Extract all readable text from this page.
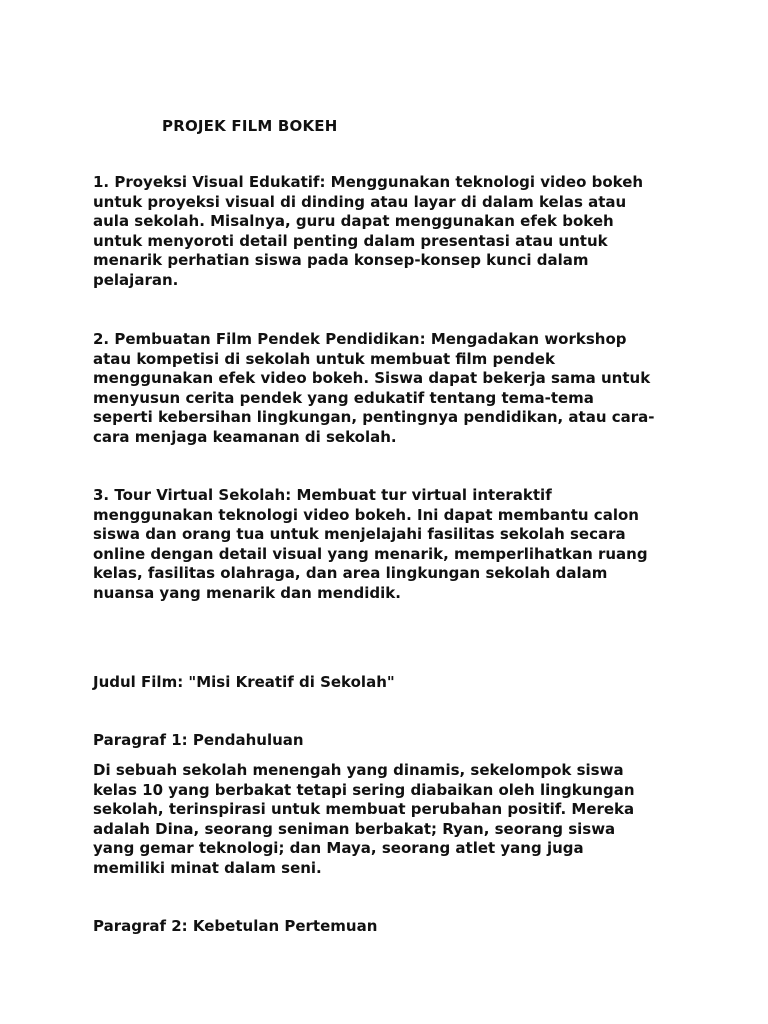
PROJEK FILM BOKEH
1. Proyeksi Visual Edukatif: Menggunakan teknologi video bokeh
untuk proyeksi visual di dinding atau layar di dalam kelas atau
aula sekolah. Misalnya, guru dapat menggunakan efek bokeh
untuk menyoroti detail penting dalam presentasi atau untuk
menarik perhatian siswa pada konsep-konsep kunci dalam
pelajaran.
2. Pembuatan Film Pendek Pendidikan: Mengadakan workshop
atau kompetisi di sekolah untuk membuat film pendek
menggunakan efek video bokeh. Siswa dapat bekerja sama untuk
menyusun cerita pendek yang edukatif tentang tema-tema
seperti kebersihan lingkungan, pentingnya pendidikan, atau cara-
cara menjaga keamanan di sekolah.
3. Tour Virtual Sekolah: Membuat tur virtual interaktif
menggunakan teknologi video bokeh. Ini dapat membantu calon
siswa dan orang tua untuk menjelajahi fasilitas sekolah secara
online dengan detail visual yang menarik, memperlihatkan ruang
kelas, fasilitas olahraga, dan area lingkungan sekolah dalam
nuansa yang menarik dan mendidik.
Judul Film: "Misi Kreatif di Sekolah"
Paragraf 1: Pendahuluan
Di sebuah sekolah menengah yang dinamis, sekelompok siswa
kelas 10 yang berbakat tetapi sering diabaikan oleh lingkungan
sekolah, terinspirasi untuk membuat perubahan positif. Mereka
adalah Dina, seorang seniman berbakat; Ryan, seorang siswa
yang gemar teknologi; dan Maya, seorang atlet yang juga
memiliki minat dalam seni.
Paragraf 2: Kebetulan Pertemuan
